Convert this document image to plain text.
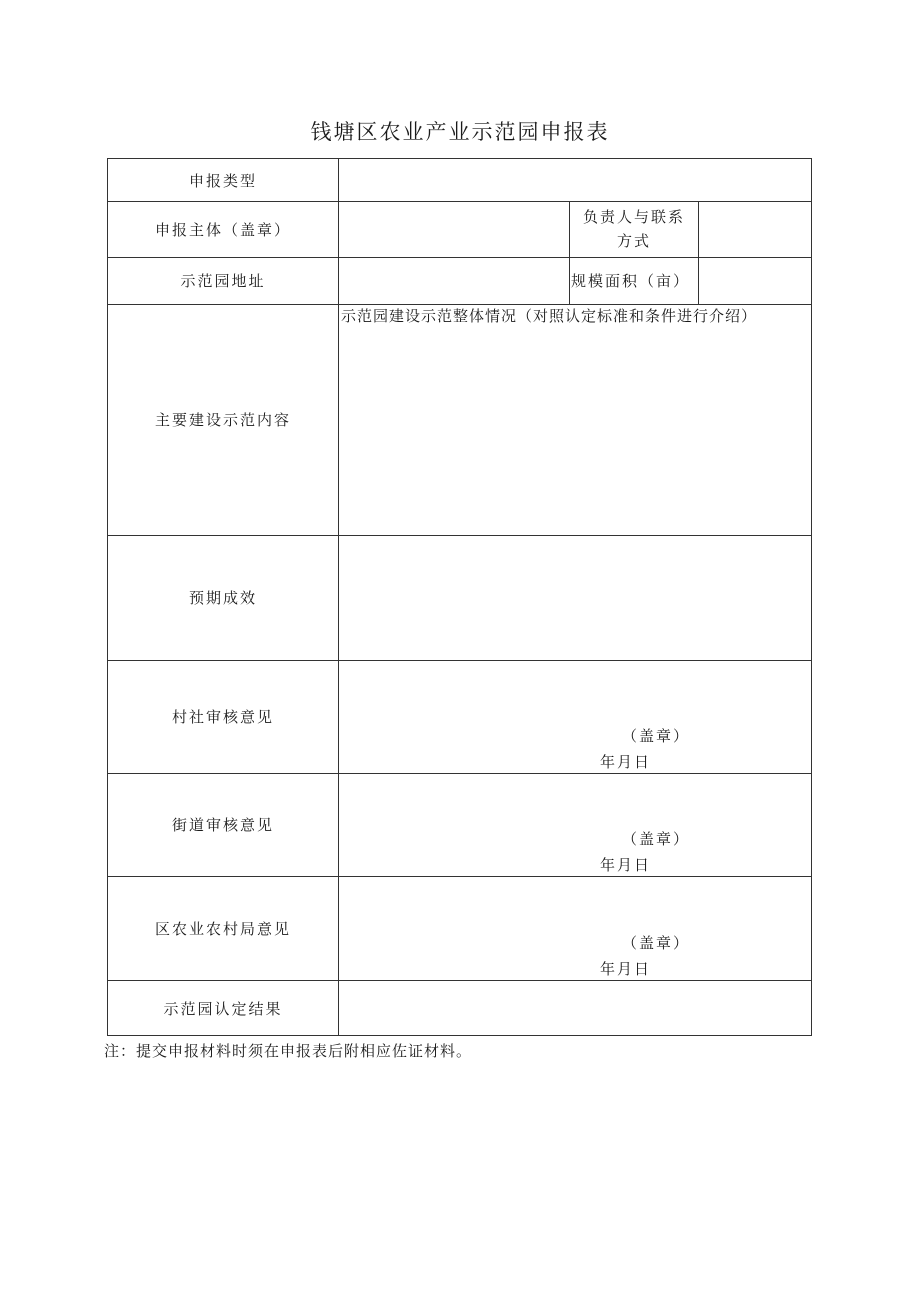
钱塘区农业产业示范园申报表
申报类型
申报主体（盖章）
负责人与联系方式
示范园地址	规模面积（亩）
主要建设示范内容
示范园建设示范整体情况（对照认定标准和条件进行介绍）
预期成效
村社审核意见
（盖章）
年月日
街道审核意见
（盖章）
年月日
区农业农村局意见
（盖章）
年月日
示范园认定结果
注：提交申报材料时须在申报表后附相应佐证材料。
